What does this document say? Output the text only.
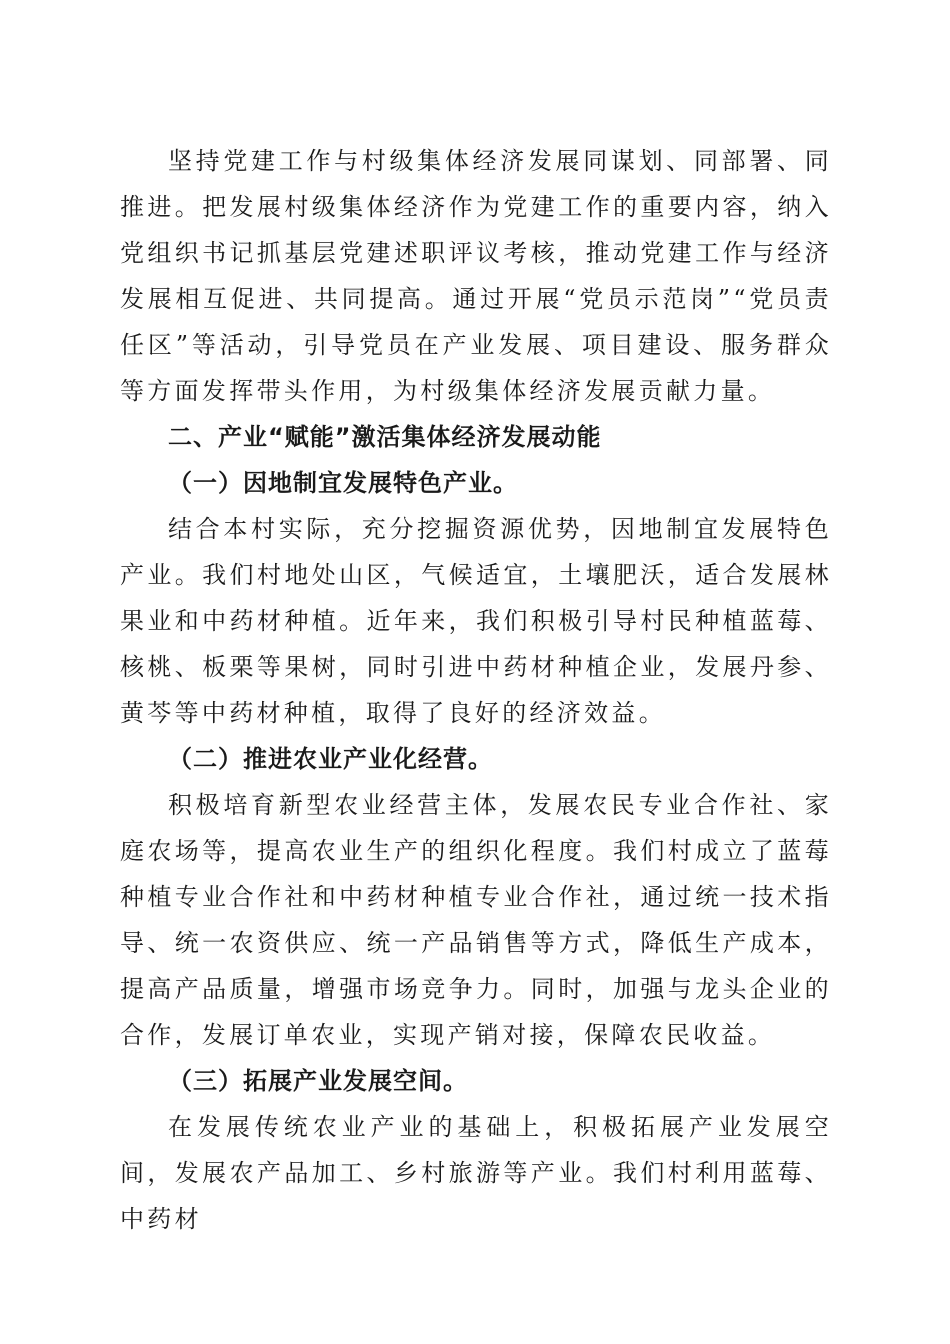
坚持党建工作与村级集体经济发展同谋划、同部署、同推进。把发展村级集体经济作为党建工作的重要内容，纳入党组织书记抓基层党建述职评议考核，推动党建工作与经济发展相互促进、共同提高。通过开展“党员示范岗”“党员责任区”等活动，引导党员在产业发展、项目建设、服务群众等方面发挥带头作用，为村级集体经济发展贡献力量。

二、产业“赋能”激活集体经济发展动能

（一）因地制宜发展特色产业。

结合本村实际，充分挖掘资源优势，因地制宜发展特色产业。我们村地处山区，气候适宜，土壤肥沃，适合发展林果业和中药材种植。近年来，我们积极引导村民种植蓝莓、核桃、板栗等果树，同时引进中药材种植企业，发展丹参、黄芩等中药材种植，取得了良好的经济效益。

（二）推进农业产业化经营。

积极培育新型农业经营主体，发展农民专业合作社、家庭农场等，提高农业生产的组织化程度。我们村成立了蓝莓种植专业合作社和中药材种植专业合作社，通过统一技术指导、统一农资供应、统一产品销售等方式，降低生产成本，提高产品质量，增强市场竞争力。同时，加强与龙头企业的合作，发展订单农业，实现产销对接，保障农民收益。

（三）拓展产业发展空间。

在发展传统农业产业的基础上，积极拓展产业发展空间，发展农产品加工、乡村旅游等产业。我们村利用蓝莓、中药材
